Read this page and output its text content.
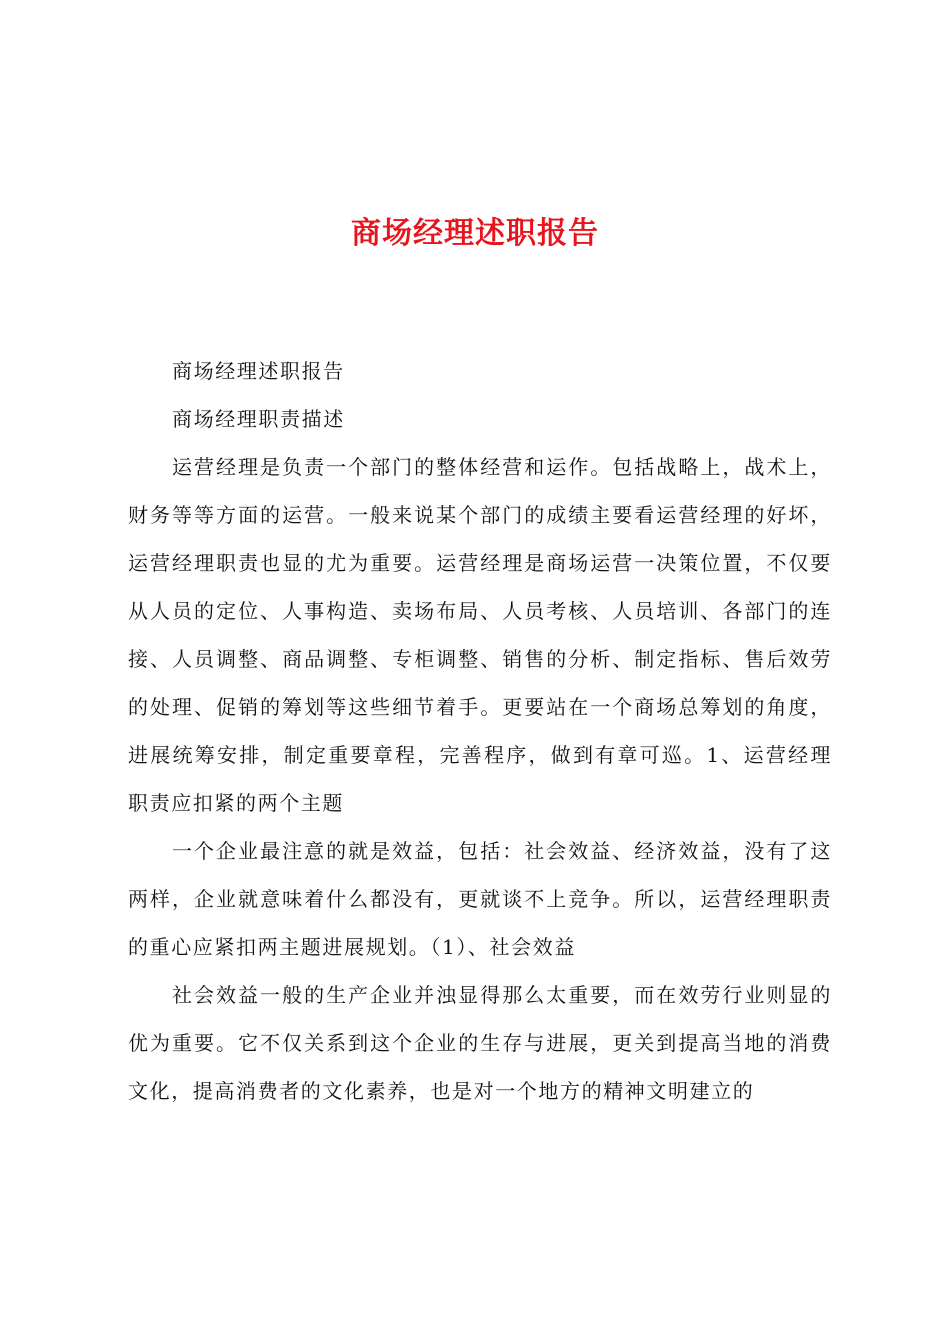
商场经理述职报告

商场经理述职报告

商场经理职责描述

运营经理是负责一个部门的整体经营和运作。包括战略上，战术上，财务等等方面的运营。一般来说某个部门的成绩主要看运营经理的好坏，运营经理职责也显的尤为重要。运营经理是商场运营一决策位置，不仅要从人员的定位、人事构造、卖场布局、人员考核、人员培训、各部门的连接、人员调整、商品调整、专柜调整、销售的分析、制定指标、售后效劳的处理、促销的筹划等这些细节着手。更要站在一个商场总筹划的角度，进展统筹安排，制定重要章程，完善程序，做到有章可巡。1、运营经理职责应扣紧的两个主题

一个企业最注意的就是效益，包括：社会效益、经济效益，没有了这两样，企业就意味着什么都没有，更就谈不上竞争。所以，运营经理职责的重心应紧扣两主题进展规划。（1）、社会效益

社会效益一般的生产企业并浊显得那么太重要，而在效劳行业则显的优为重要。它不仅关系到这个企业的生存与进展，更关到提高当地的消费文化，提高消费者的文化素养，也是对一个地方的精神文明建立的
